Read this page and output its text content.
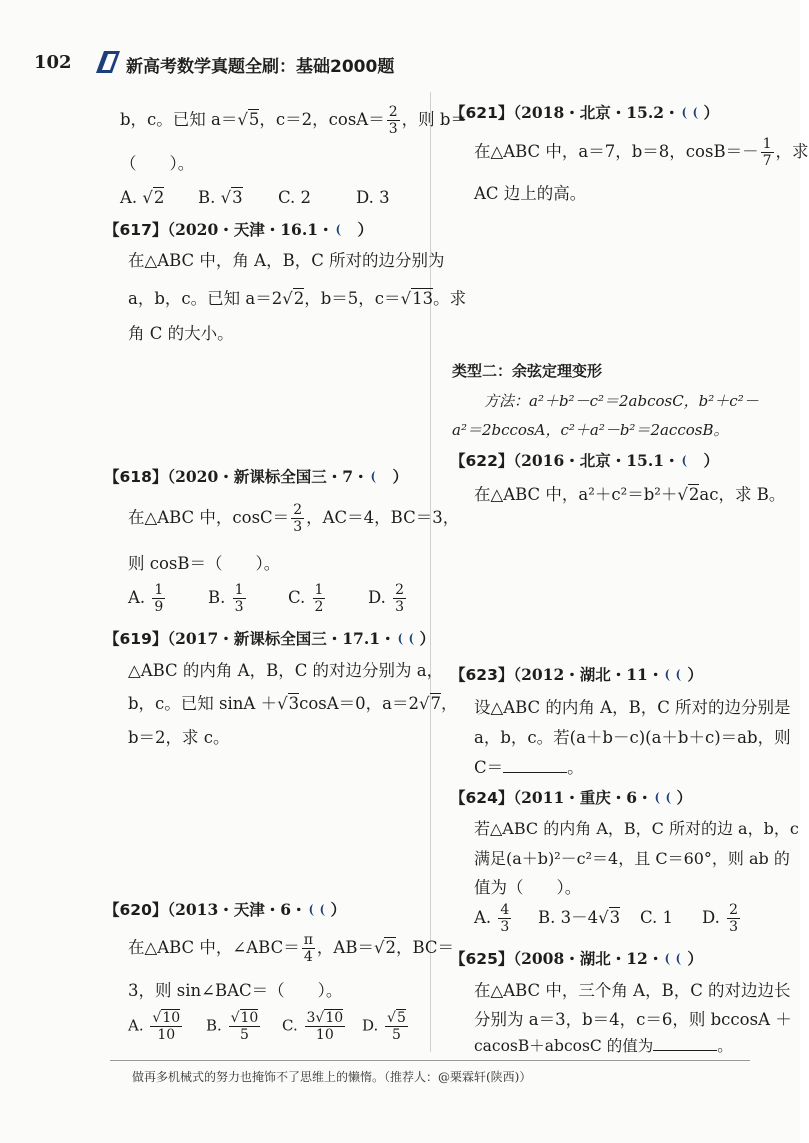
102	新高考数学真题全刷：基础2000题
b，c。已知 a＝√5，c＝2，$\cos A= \frac{2}{3}$ ，则 b＝
（　　）。
A. √2 B. √3 C. 2	D. 3
【617】（2020・天津・16.1・ ）
在△ABC 中，角 A，B，C 所对的边分别为
a，b，c。已知 a＝2√2，b＝5，c＝√13。求
角 C 的大小。
【618】（2020・新课标全国三・7・ ）
在△ABC 中，$\cos C= \frac{2}{3}$ ，AC＝4，BC＝3，
则 cosB＝（　　）。
A. $\frac{1}{9}$	B. $\frac{1}{3}$	C. $\frac{1}{2}$	D. $\frac{2}{3}$
【619】（2017・新课标全国三・17.1・ ）
△ABC 的内角 A，B，C 的对边分别为 a，
b，c。已知 sinA ＋√3cosA＝0，a＝2√7，
b＝2，求 c。
【620】（2013・天津・6・ ）
在△ABC 中，∠ABC＝ $\frac{\pi}{4}$ ，AB＝√2，BC＝
3，则 sin∠BAC＝（　　）。
A. $\frac{√10}{10} B$. $\frac{√10}{5} C$. $\frac{3√10}{10} D$. $\frac{√5}{5}$
【621】（2018・北京・15.2・ ）
在△ABC 中，a＝7，b＝8，$\cos B=- \frac{1}{7}$ ，求
AC 边上的高。
类型二：余弦定理变形
方法：a²＋b²－c²＝2abcosC，b²＋c²－
a²＝2bccosA，c²＋a²－b²＝2accosB。
【622】（2016・北京・15.1・ ）
在△ABC 中，a²＋c²＝b²＋√2ac，求 B。
【623】（2012・湖北・11・ ）
设△ABC 的内角 A，B，C 所对的边分别是
a，b，c。若(a＋b－c)(a＋b＋c)＝ab，则
C＝	。
【624】（2011・重庆・6・ ）
若△ABC 的内角 A，B，C 所对的边 a，b，c
满足(a＋b)²－c²＝4，且 C＝60°，则 ab 的
值为（　　）。
A. $\frac{4}{3} B$. 3－4√3 C. 1 D. $\frac{2}{3}$
【625】（2008・湖北・12・ ）
在△ABC 中，三个角 A，B，C 的对边边长
分别为 a＝3，b＝4，c＝6，则 bccosA ＋
cacosB＋abcosC 的值为	。
做再多机械式的努力也掩饰不了思维上的懒惰。（推荐人：@栗霖轩(陕西)）
